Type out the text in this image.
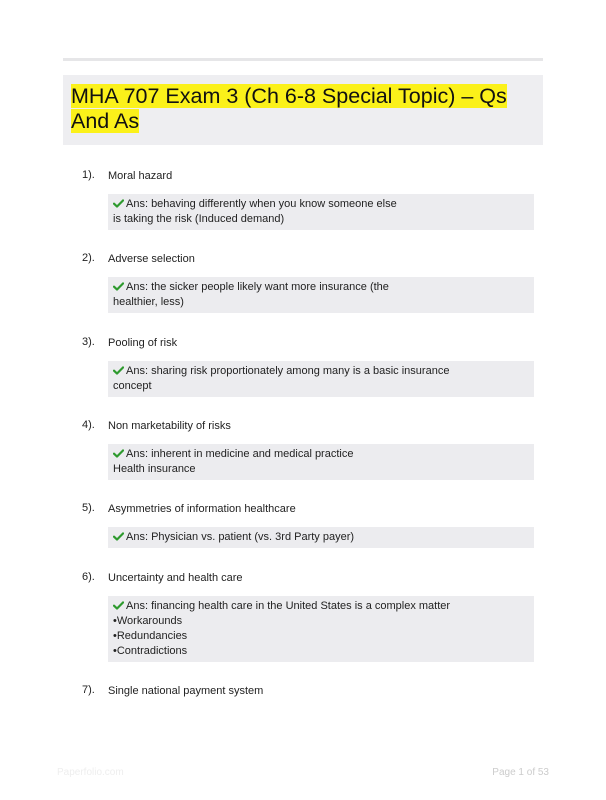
MHA 707 Exam 3 (Ch 6-8 Special Topic) – Qs And As
1). Moral hazard
Ans: behaving differently when you know someone else
is taking the risk (Induced demand)
2). Adverse selection
Ans: the sicker people likely want more insurance (the
healthier, less)
3). Pooling of risk
Ans: sharing risk proportionately among many is a basic insurance
concept
4). Non marketability of risks
Ans: inherent in medicine and medical practice
Health insurance
5). Asymmetries of information healthcare
Ans: Physician vs. patient (vs. 3rd Party payer)
6). Uncertainty and health care
Ans: financing health care in the United States is a complex matter
•Workarounds
•Redundancies
•Contradictions
7). Single national payment system
Paperfolio.com	Page 1 of 53
